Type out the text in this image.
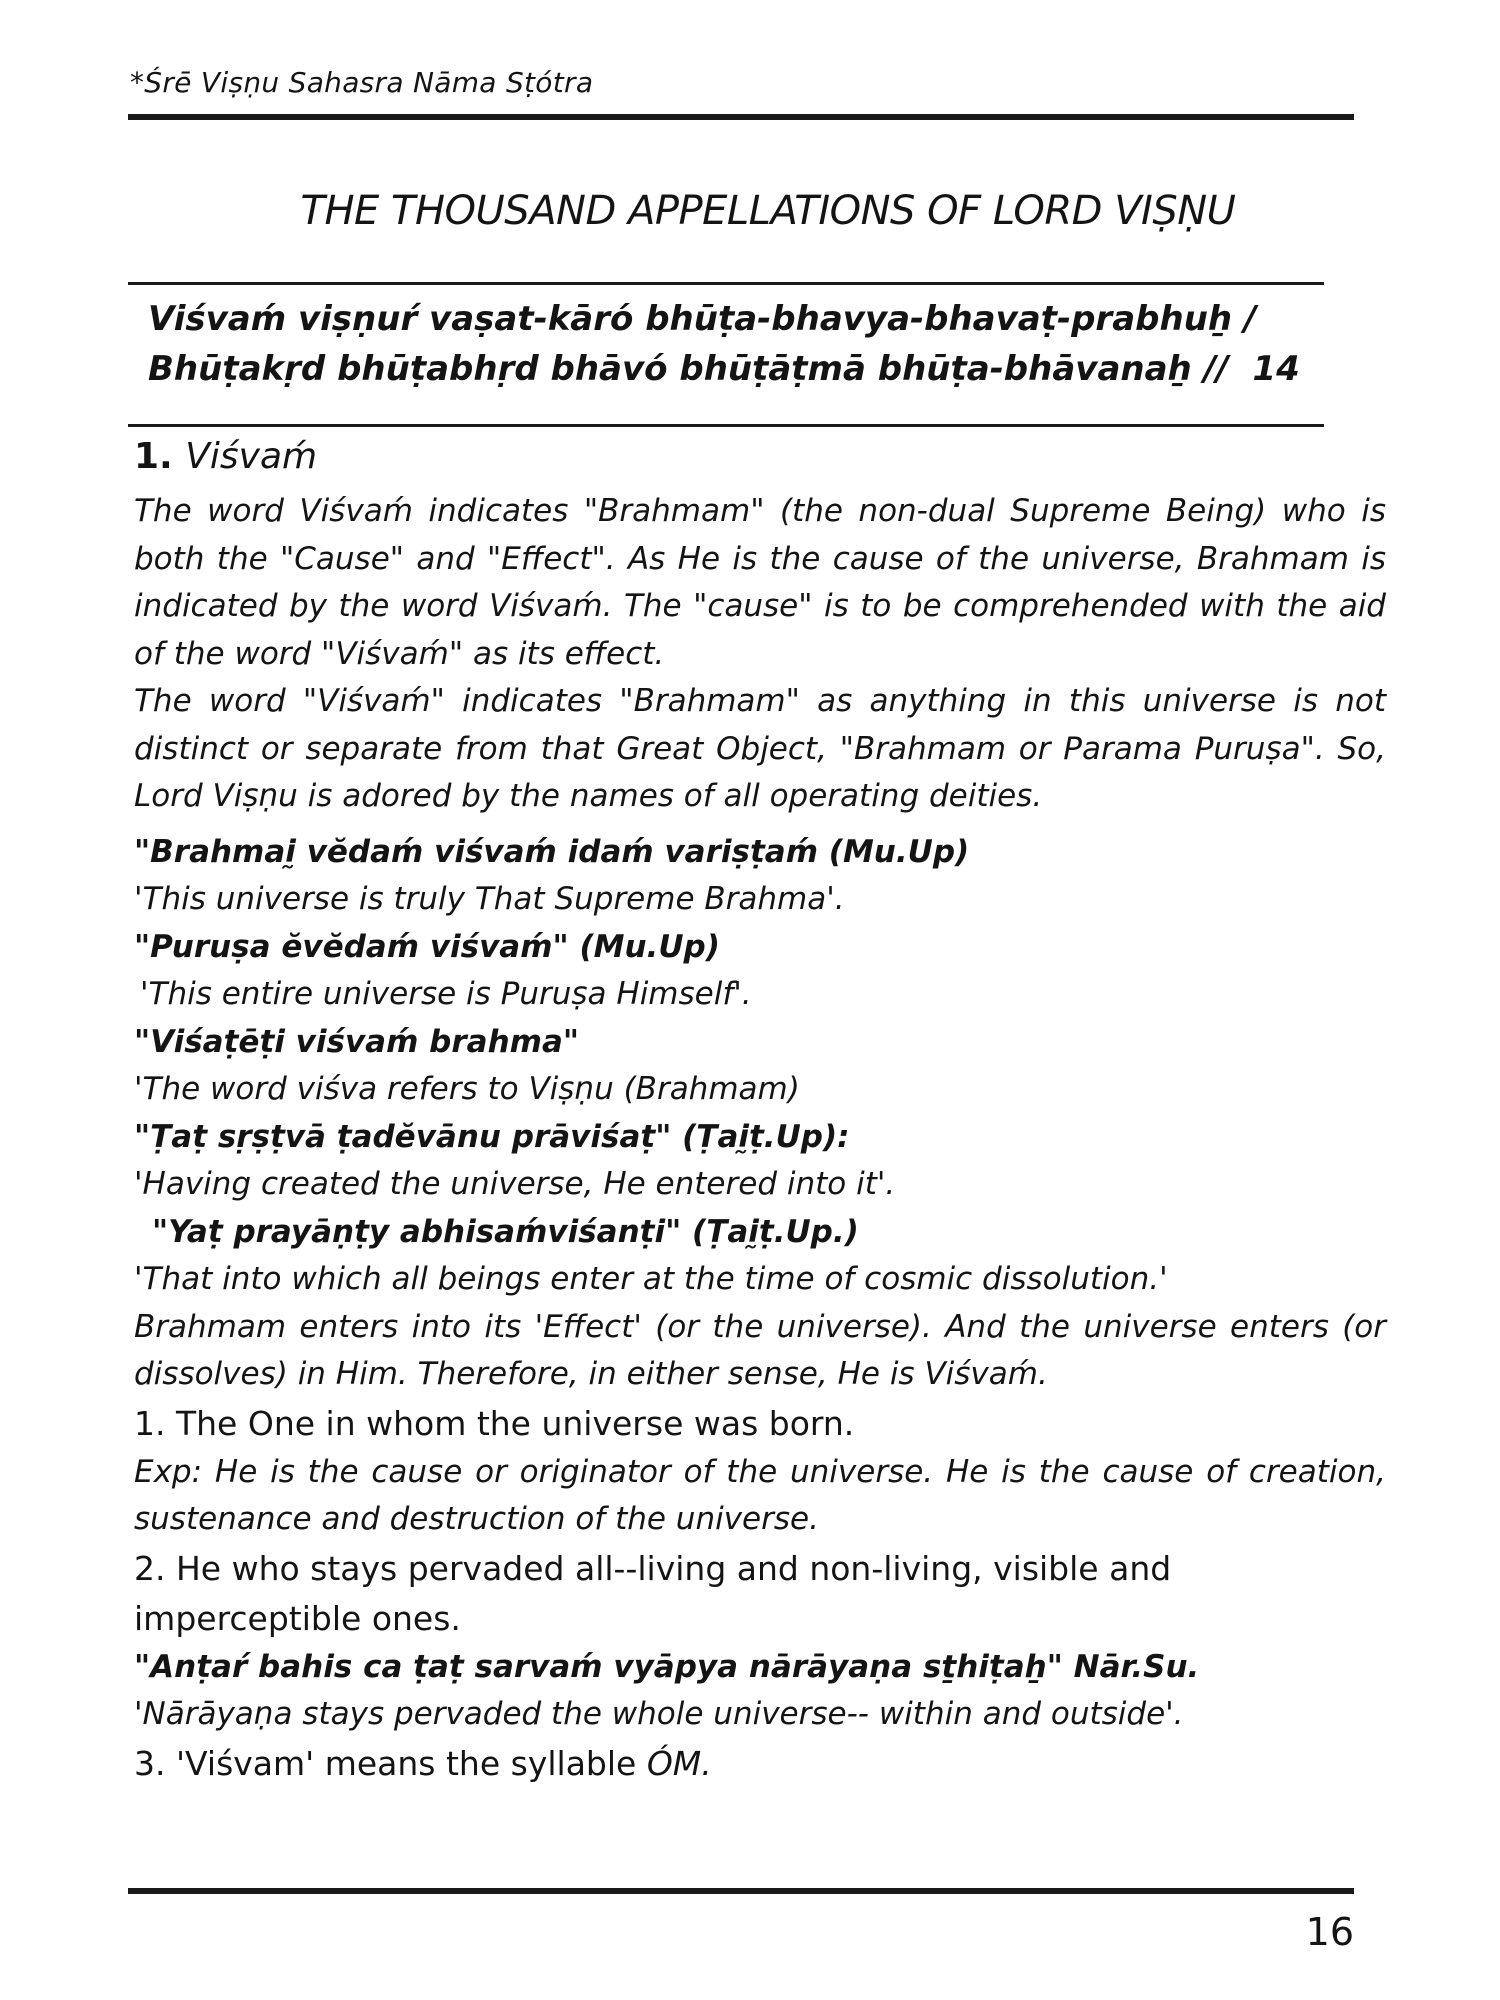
*Śrē Viṣṇu Sahasra Nāma Sṭótra
THE THOUSAND APPELLATIONS OF LORD VIṢṆU
Viśvaḿ viṣṇuŕ vaṣat-kārό bhūṭa-bhavya-bhavaṭ-prabhuẖ /
Bhūṭakṛd bhūṭabhṛd bhāvό bhūṭāṭmā bhūṭa-bhāvanaẖ // 14
1. Viśvaḿ

The word Viśvaḿ indicates "Brahmam" (the non-dual Supreme Being) who is both the "Cause" and "Effect". As He is the cause of the universe, Brahmam is indicated by the word Viśvaḿ. The "cause" is to be comprehended with the aid of the word "Viśvaḿ" as its effect.

The word "Viśvaḿ" indicates "Brahmam" as anything in this universe is not distinct or separate from that Great Object, "Brahmam or Parama Puruṣa". So, Lord Viṣṇu is adored by the names of all operating deities.

"Brahmaḭ vĕdaḿ viśvaḿ idaḿ variṣṭaḿ (Mu.Up)

'This universe is truly That Supreme Brahma'.

"Puruṣa ĕvĕdaḿ viśvaḿ" (Mu.Up)

'This entire universe is Puruṣa Himself'.

"Viśaṭēṭi viśvaḿ brahma"

'The word viśva refers to Viṣṇu (Brahmam)

"Ṭaṭ sṛṣṭvā ṭadĕvānu prāviśaṭ" (Ṭaḭṭ.Up):

'Having created the universe, He entered into it'.

"Yaṭ prayāṇṭy abhisaḿviśanṭi" (Ṭaḭṭ.Up.)

'That into which all beings enter at the time of cosmic dissolution.'

Brahmam enters into its 'Effect' (or the universe). And the universe enters (or dissolves) in Him. Therefore, in either sense, He is Viśvaḿ.

1. The One in whom the universe was born.

Exp: He is the cause or originator of the universe. He is the cause of creation, sustenance and destruction of the universe.

2. He who stays pervaded all--living and non-living, visible and imperceptible ones.

"Anṭaŕ bahis ca ṭaṭ sarvaḿ vyāpya nārāyaṇa sṯhiṭaẖ" Nār.Su.

'Nārāyaṇa stays pervaded the whole universe-- within and outside'.

3. 'Viśvam' means the syllable ÓM.

16
